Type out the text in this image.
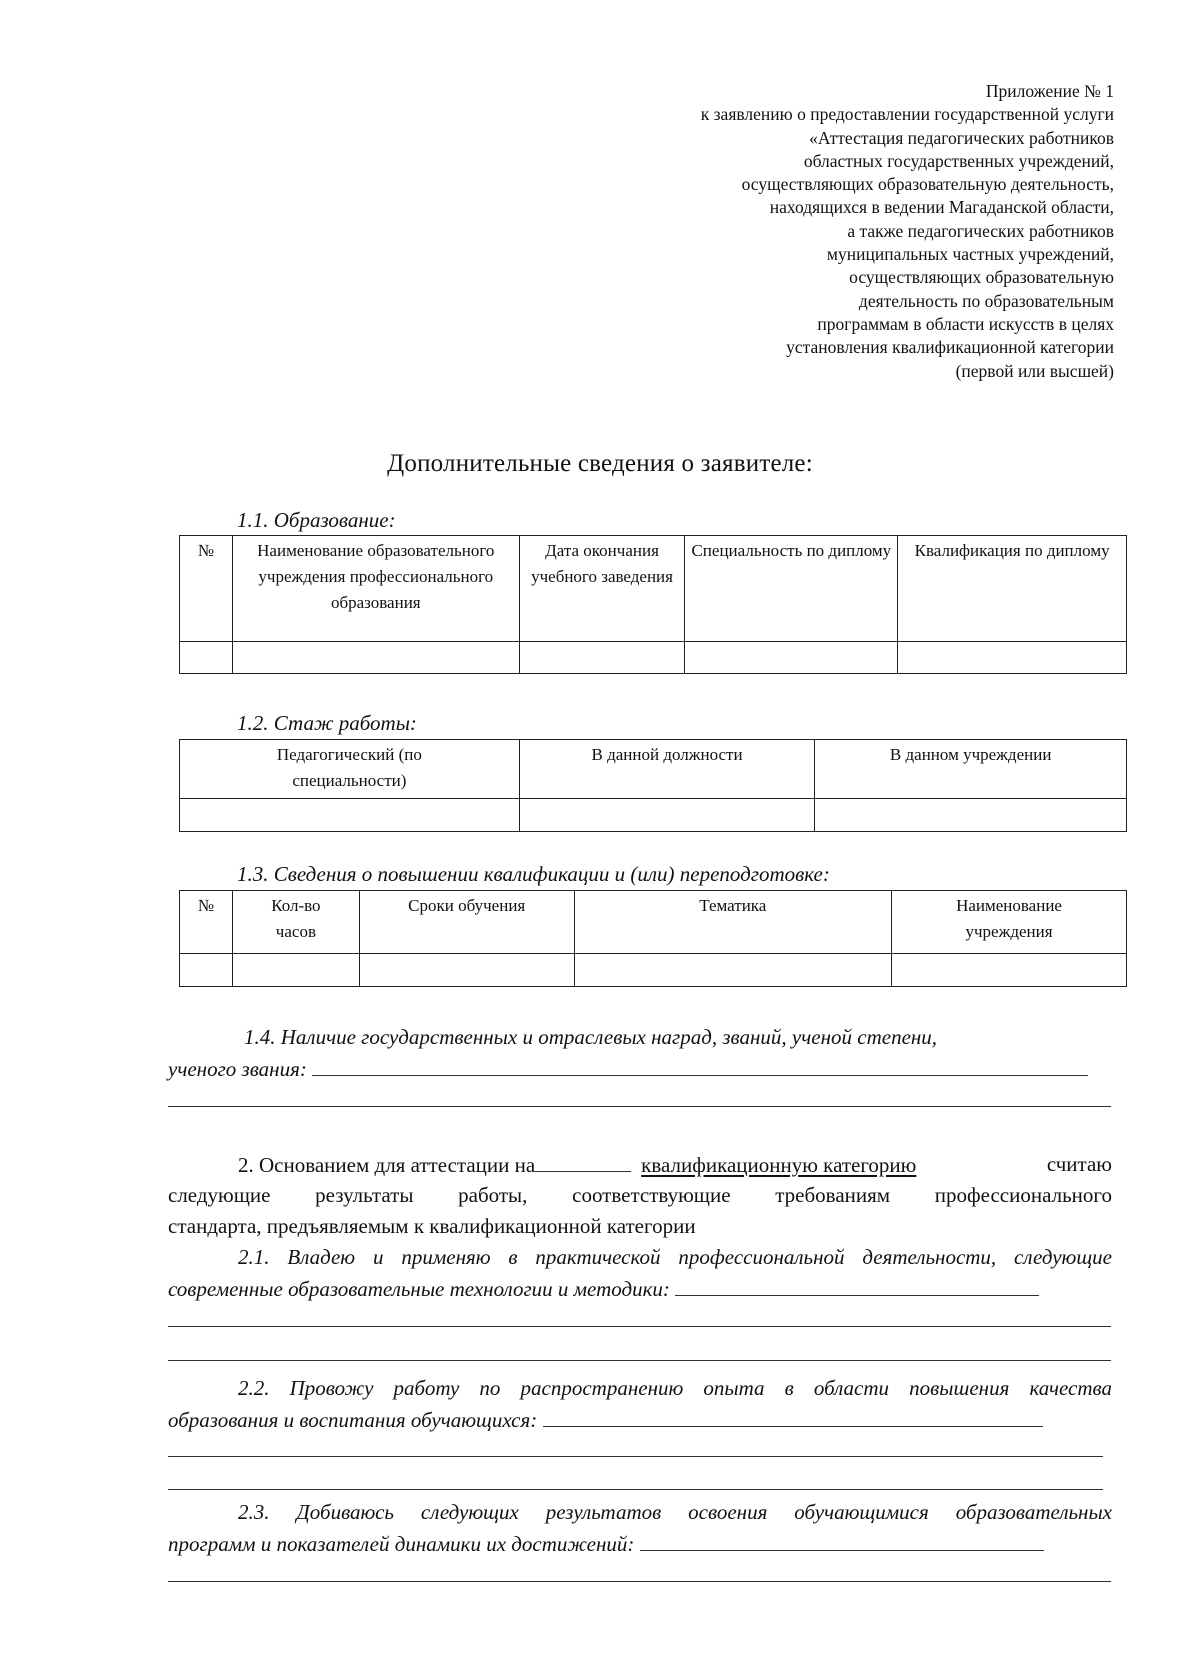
Приложение № 1
к заявлению о предоставлении государственной услуги
«Аттестация педагогических работников
областных государственных учреждений,
осуществляющих образовательную деятельность,
находящихся в ведении Магаданской области,
а также педагогических работников
муниципальных частных учреждений,
осуществляющих образовательную
деятельность по образовательным
программам в области искусств в целях
установления квалификационной категории
(первой или высшей)
Дополнительные сведения о заявителе:
1.1. Образование:
№	Наименование образовательного учреждения профессионального образования	Дата окончания учебного заведения	Специальность по диплому	Квалификация по диплому

1.2. Стаж работы:
Педагогический (по специальности)	В данной должности	В данном учреждении

1.3. Сведения о повышении квалификации и (или) переподготовке:
№	Кол-во часов	Сроки обучения	Тематика	Наименование учреждения

1.4. Наличие государственных и отраслевых наград, званий, ученой степени,
ученого звания:
2. Основанием для аттестации на	квалификационную категорию	считаю
следующие результаты работы, соответствующие требованиям профессионального
стандарта, предъявляемым к квалификационной категории
2.1. Владею и применяю в практической профессиональной деятельности, следующие
современные образовательные технологии и методики:
2.2. Провожу работу по распространению опыта в области повышения качества
образования и воспитания обучающихся:
2.3. Добиваюсь следующих результатов освоения обучающимися образовательных
программ и показателей динамики их достижений:
